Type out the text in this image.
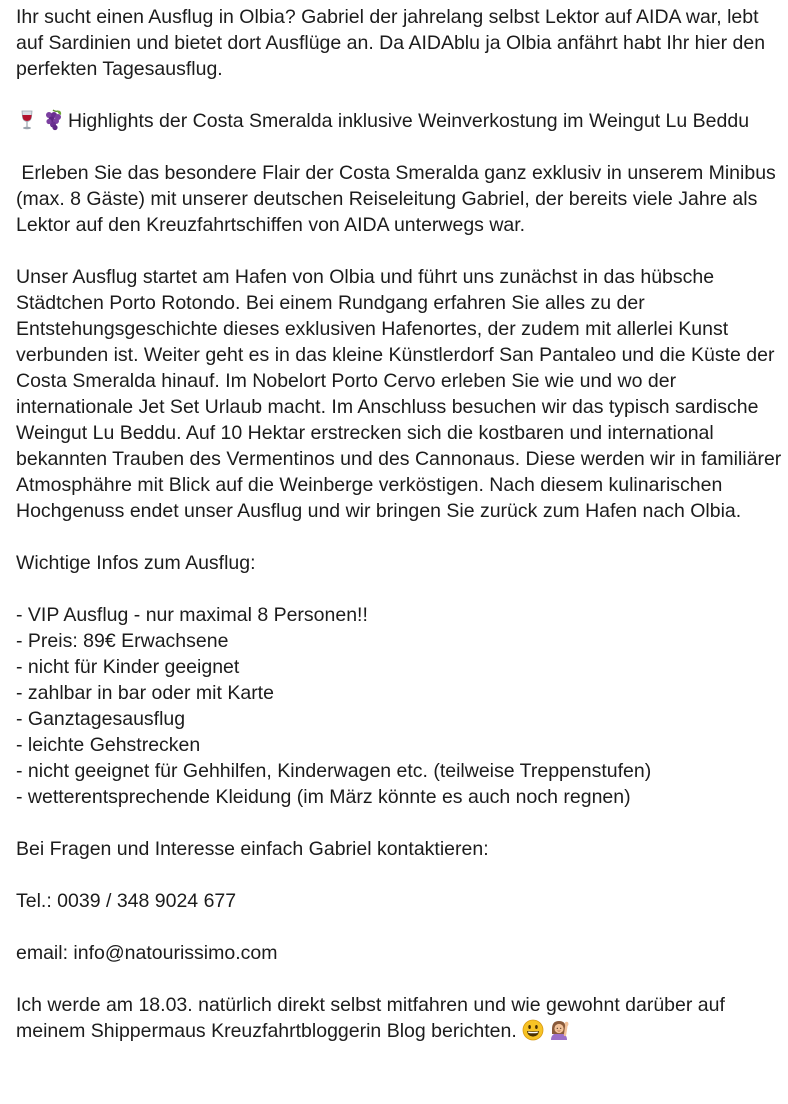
Ihr sucht einen Ausflug in Olbia? Gabriel der jahrelang selbst Lektor auf AIDA war, lebt auf Sardinien und bietet dort Ausflüge an. Da AIDAblu ja Olbia anfährt habt Ihr hier den perfekten Tagesausflug.

Highlights der Costa Smeralda inklusive Weinverkostung im Weingut Lu Beddu

Erleben Sie das besondere Flair der Costa Smeralda ganz exklusiv in unserem Minibus (max. 8 Gäste) mit unserer deutschen Reiseleitung Gabriel, der bereits viele Jahre als Lektor auf den Kreuzfahrtschiffen von AIDA unterwegs war.

Unser Ausflug startet am Hafen von Olbia und führt uns zunächst in das hübsche Städtchen Porto Rotondo. Bei einem Rundgang erfahren Sie alles zu der Entstehungsgeschichte dieses exklusiven Hafenortes, der zudem mit allerlei Kunst verbunden ist. Weiter geht es in das kleine Künstlerdorf San Pantaleo und die Küste der Costa Smeralda hinauf. Im Nobelort Porto Cervo erleben Sie wie und wo der internationale Jet Set Urlaub macht. Im Anschluss besuchen wir das typisch sardische Weingut Lu Beddu. Auf 10 Hektar erstrecken sich die kostbaren und international bekannten Trauben des Vermentinos und des Cannonaus. Diese werden wir in familiärer Atmosphähre mit Blick auf die Weinberge verköstigen. Nach diesem kulinarischen Hochgenuss endet unser Ausflug und wir bringen Sie zurück zum Hafen nach Olbia.

Wichtige Infos zum Ausflug:

- VIP Ausflug - nur maximal 8 Personen!!

- Preis: 89€ Erwachsene

- nicht für Kinder geeignet

- zahlbar in bar oder mit Karte

- Ganztagesausflug

- leichte Gehstrecken

- nicht geeignet für Gehhilfen, Kinderwagen etc. (teilweise Treppenstufen)

- wetterentsprechende Kleidung (im März könnte es auch noch regnen)

Bei Fragen und Interesse einfach Gabriel kontaktieren:

Tel.: 0039 / 348 9024 677

email: info@natourissimo.com

Ich werde am 18.03. natürlich direkt selbst mitfahren und wie gewohnt darüber auf meinem Shippermaus Kreuzfahrtbloggerin Blog berichten.
